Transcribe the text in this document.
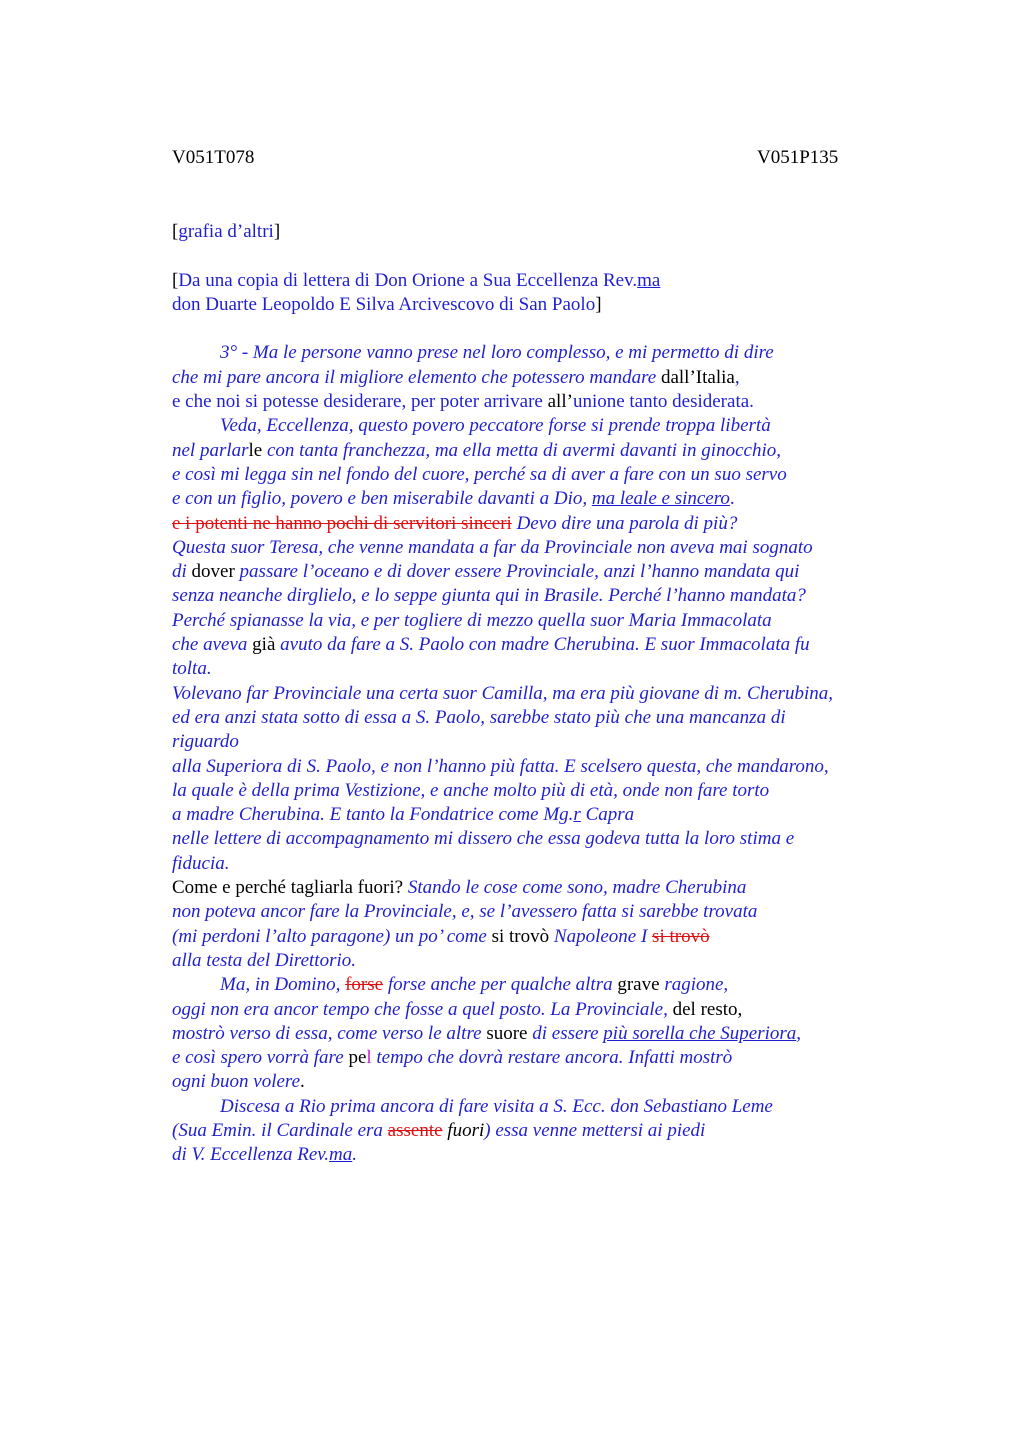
V051T078	V051P135
[grafia d’altri]
[Da una copia di lettera di Don Orione a Sua Eccellenza Rev.ma
don Duarte Leopoldo E Silva Arcivescovo di San Paolo]
3° - Ma le persone vanno prese nel loro complesso, e mi permetto di dire
che mi pare ancora il migliore elemento che potessero mandare dall’Italia,
e che noi si potesse desiderare, per poter arrivare all’unione tanto desiderata.
Veda, Eccellenza, questo povero peccatore forse si prende troppa libertà
nel parlarle con tanta franchezza, ma ella metta di avermi davanti in ginocchio,
e così mi legga sin nel fondo del cuore, perché sa di aver a fare con un suo servo
e con un figlio, povero e ben miserabile davanti a Dio, ma leale e sincero.
e i potenti ne hanno pochi di servitori sinceri Devo dire una parola di più?
Questa suor Teresa, che venne mandata a far da Provinciale non aveva mai sognato
di dover passare l’oceano e di dover essere Provinciale, anzi l’hanno mandata qui
senza neanche dirglielo, e lo seppe giunta qui in Brasile. Perché l’hanno mandata?
Perché spianasse la via, e per togliere di mezzo quella suor Maria Immacolata
che aveva già avuto da fare a S. Paolo con madre Cherubina. E suor Immacolata fu
tolta.
Volevano far Provinciale una certa suor Camilla, ma era più giovane di m. Cherubina,
ed era anzi stata sotto di essa a S. Paolo, sarebbe stato più che una mancanza di
riguardo
alla Superiora di S. Paolo, e non l’hanno più fatta. E scelsero questa, che mandarono,
la quale è della prima Vestizione, e anche molto più di età, onde non fare torto
a madre Cherubina. E tanto la Fondatrice come Mg.r Capra
nelle lettere di accompagnamento mi dissero che essa godeva tutta la loro stima e
fiducia.
Come e perché tagliarla fuori? Stando le cose come sono, madre Cherubina
non poteva ancor fare la Provinciale, e, se l’avessero fatta si sarebbe trovata
(mi perdoni l’alto paragone) un po’ come si trovò Napoleone I si trovò
alla testa del Direttorio.
Ma, in Domino, forse forse anche per qualche altra grave ragione,
oggi non era ancor tempo che fosse a quel posto. La Provinciale, del resto,
mostrò verso di essa, come verso le altre suore di essere più sorella che Superiora,
e così spero vorrà fare pel tempo che dovrà restare ancora. Infatti mostrò
ogni buon volere.
Discesa a Rio prima ancora di fare visita a S. Ecc. don Sebastiano Leme
(Sua Emin. il Cardinale era assente fuori) essa venne mettersi ai piedi
di V. Eccellenza Rev.ma.
